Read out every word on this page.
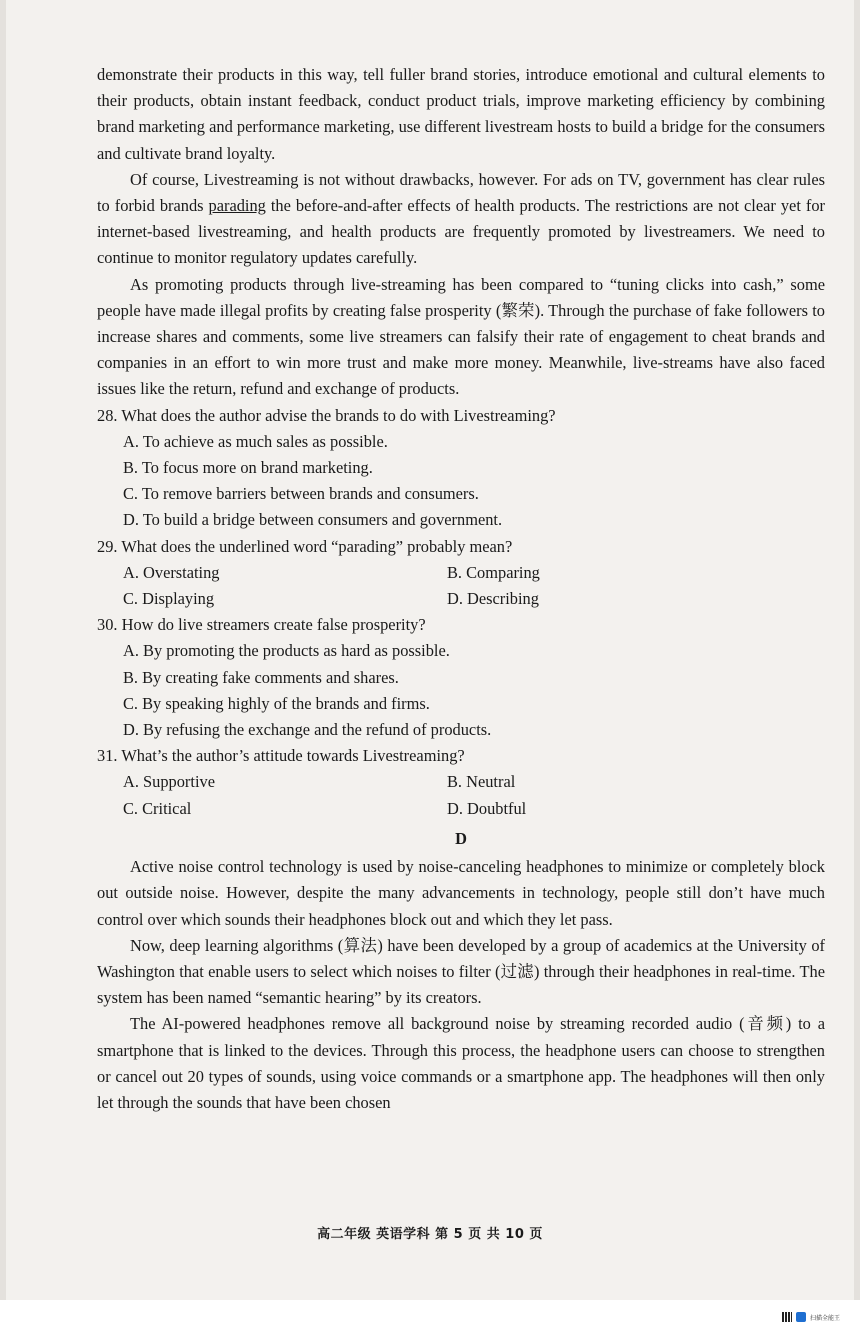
demonstrate their products in this way, tell fuller brand stories, introduce emotional and cultural elements to their products, obtain instant feedback, conduct product trials, improve marketing efficiency by combining brand marketing and performance marketing, use different livestream hosts to build a bridge for the consumers and cultivate brand loyalty.

Of course, Livestreaming is not without drawbacks, however. For ads on TV, government has clear rules to forbid brands parading the before-and-after effects of health products. The restrictions are not clear yet for internet-based livestreaming, and health products are frequently promoted by livestreamers. We need to continue to monitor regulatory updates carefully.

As promoting products through live-streaming has been compared to “tuning clicks into cash,” some people have made illegal profits by creating false prosperity (繁荣). Through the purchase of fake followers to increase shares and comments, some live streamers can falsify their rate of engagement to cheat brands and companies in an effort to win more trust and make more money. Meanwhile, live-streams have also faced issues like the return, refund and exchange of products.

28. What does the author advise the brands to do with Livestreaming?

A. To achieve as much sales as possible.
B. To focus more on brand marketing.
C. To remove barriers between brands and consumers.
D. To build a bridge between consumers and government.

29. What does the underlined word “parading” probably mean?

A. Overstating	B. Comparing
C. Displaying	D. Describing

30. How do live streamers create false prosperity?

A. By promoting the products as hard as possible.
B. By creating fake comments and shares.
C. By speaking highly of the brands and firms.
D. By refusing the exchange and the refund of products.

31. What’s the author’s attitude towards Livestreaming?

A. Supportive	B. Neutral
C. Critical	D. Doubtful
D

Active noise control technology is used by noise-canceling headphones to minimize or completely block out outside noise. However, despite the many advancements in technology, people still don’t have much control over which sounds their headphones block out and which they let pass.

Now, deep learning algorithms (算法) have been developed by a group of academics at the University of Washington that enable users to select which noises to filter (过滤) through their headphones in real-time. The system has been named “semantic hearing” by its creators.

The AI-powered headphones remove all background noise by streaming recorded audio (音频) to a smartphone that is linked to the devices. Through this process, the headphone users can choose to strengthen or cancel out 20 types of sounds, using voice commands or a smartphone app. The headphones will then only let through the sounds that have been chosen

高二年级 英语学科 第 5 页 共 10 页
扫描全能王
